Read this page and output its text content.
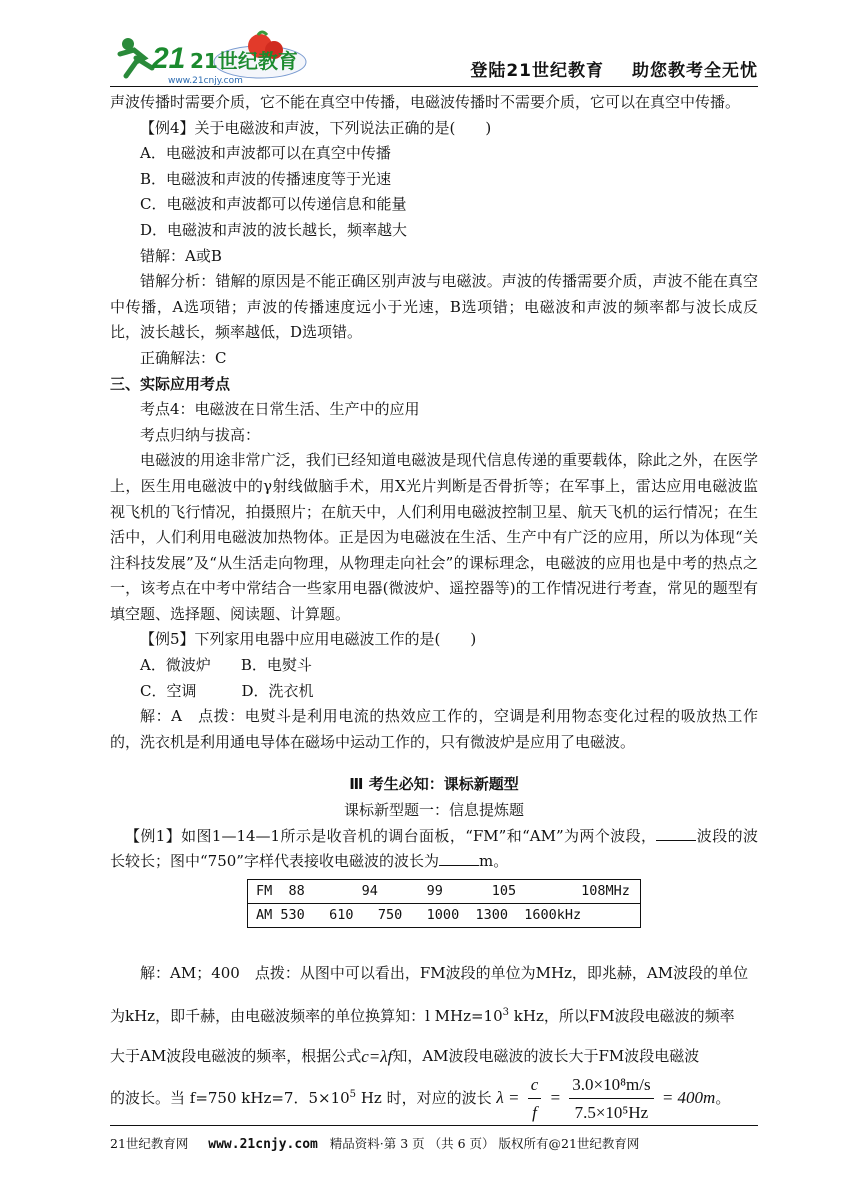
21 21世纪教育
www.21cnjy.com	登陆21世纪教育 助您教考全无忧

声波传播时需要介质，它不能在真空中传播，电磁波传播时不需要介质，它可以在真空中传播。

【例4】关于电磁波和声波，下列说法正确的是(　　)

A．电磁波和声波都可以在真空中传播

B．电磁波和声波的传播速度等于光速

C．电磁波和声波都可以传递信息和能量

D．电磁波和声波的波长越长，频率越大

错解：A或B

错解分析：错解的原因是不能正确区别声波与电磁波。声波的传播需要介质，声波不能在真空中传播，A选项错；声波的传播速度远小于光速，B选项错；电磁波和声波的频率都与波长成反比，波长越长，频率越低，D选项错。

正确解法：C

三、实际应用考点

考点4：电磁波在日常生活、生产中的应用

考点归纳与拔高：

电磁波的用途非常广泛，我们已经知道电磁波是现代信息传递的重要载体，除此之外，在医学上，医生用电磁波中的γ射线做脑手术，用X光片判断是否骨折等；在军事上，雷达应用电磁波监视飞机的飞行情况，拍摄照片；在航天中，人们利用电磁波控制卫星、航天飞机的运行情况；在生活中，人们利用电磁波加热物体。正是因为电磁波在生活、生产中有广泛的应用，所以为体现“关注科技发展”及“从生活走向物理，从物理走向社会”的课标理念，电磁波的应用也是中考的热点之一，该考点在中考中常结合一些家用电器(微波炉、遥控器等)的工作情况进行考查，常见的题型有填空题、选择题、阅读题、计算题。

【例5】下列家用电器中应用电磁波工作的是(　　)

A．微波炉　　B．电熨斗

C．空调　　　D．洗衣机

解：A　点拨：电熨斗是利用电流的热效应工作的，空调是利用物态变化过程的吸放热工作的，洗衣机是利用通电导体在磁场中运动工作的，只有微波炉是应用了电磁波。

Ⅲ 考生必知：课标新题型

课标新型题一：信息提炼题

【例1】如图1—14—1所示是收音机的调台面板，“FM”和“AM”为两个波段，	波段的波长较长；图中“750”字样代表接收电磁波的波长为	m。

FM  88       94      99      105        108MHz
AM 530   610   750   1000  1300  1600kHz

解：AM；400　点拨：从图中可以看出，FM波段的单位为MHz，即兆赫，AM波段的单位

为kHz，即千赫，由电磁波频率的单位换算知：l $MHz=10^3$ kHz，所以FM波段电磁波的频率

大于AM波段电磁波的频率，根据公式c=λf知，AM波段电磁波的波长大于FM波段电磁波

的波长。当 f=750 kHz=7．$5\times 10^5$ Hz 时，对应的波长 $\lambda = \frac{c}{f} = \frac{\text{3.0×10⁸m/s}}{\text{7.5×10⁵Hz}} = 400m$。
21世纪教育网 www.21cnjy.com 精品资料·第 3 页 （共 6 页） 版权所有@21世纪教育网
